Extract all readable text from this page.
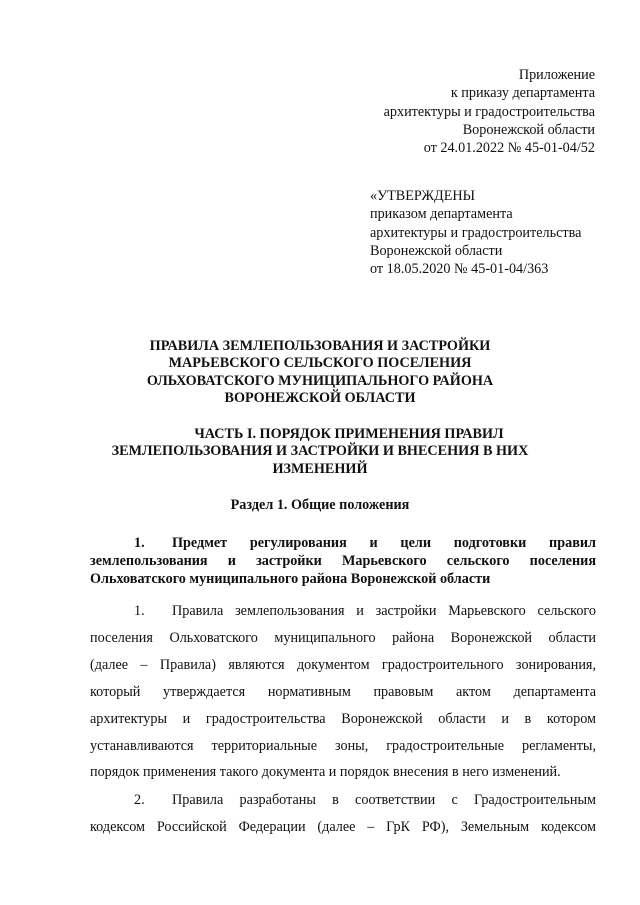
Приложение
к приказу департамента
архитектуры и градостроительства
Воронежской области
от 24.01.2022 № 45-01-04/52
«УТВЕРЖДЕНЫ
приказом департамента
архитектуры и градостроительства
Воронежской области
от 18.05.2020 № 45-01-04/363
ПРАВИЛА ЗЕМЛЕПОЛЬЗОВАНИЯ И ЗАСТРОЙКИ
МАРЬЕВСКОГО СЕЛЬСКОГО ПОСЕЛЕНИЯ
ОЛЬХОВАТСКОГО МУНИЦИПАЛЬНОГО РАЙОНА
ВОРОНЕЖСКОЙ ОБЛАСТИ
ЧАСТЬ I. ПОРЯДОК ПРИМЕНЕНИЯ ПРАВИЛ
ЗЕМЛЕПОЛЬЗОВАНИЯ И ЗАСТРОЙКИ И ВНЕСЕНИЯ В НИХ
ИЗМЕНЕНИЙ
Раздел 1. Общие положения
1. Предмет регулирования и цели подготовки правил
землепользования и застройки Марьевского сельского поселения
Ольховатского муниципального района Воронежской области
1. Правила землепользования и застройки Марьевского сельского
поселения Ольховатского муниципального района Воронежской области
(далее – Правила) являются документом градостроительного зонирования,
который утверждается нормативным правовым актом департамента
архитектуры и градостроительства Воронежской области и в котором
устанавливаются территориальные зоны, градостроительные регламенты,
порядок применения такого документа и порядок внесения в него изменений.
2. Правила разработаны в соответствии с Градостроительным
кодексом Российской Федерации (далее – ГрК РФ), Земельным кодексом
